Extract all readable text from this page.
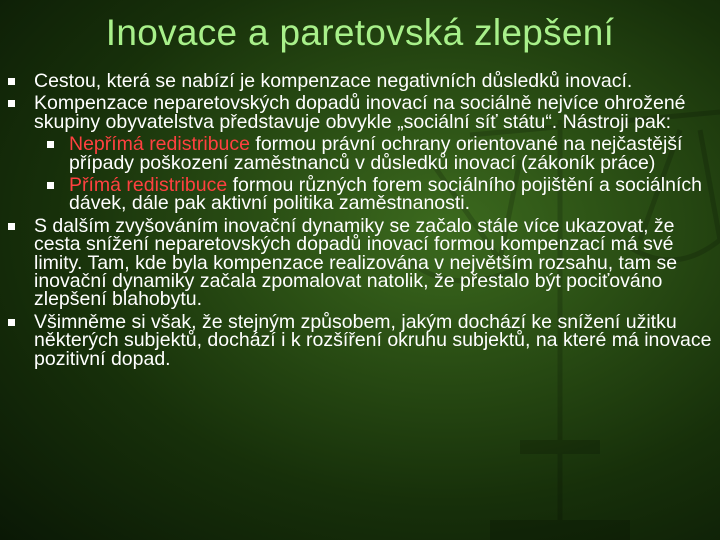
Inovace a paretovská zlepšení
Cestou, která se nabízí je kompenzace negativních důsledků inovací.
Kompenzace neparetovských dopadů inovací na sociálně nejvíce ohrožené skupiny obyvatelstva představuje obvykle „sociální síť státu“. Nástroji pak:
Nepřímá redistribuce formou právní ochrany orientované na nejčastější případy poškození zaměstnanců v důsledků inovací (zákoník práce)
Přímá redistribuce formou různých forem sociálního pojištění a sociálních dávek, dále pak aktivní politika zaměstnanosti.
S dalším zvyšováním inovační dynamiky se začalo stále více ukazovat, že cesta snížení neparetovských dopadů inovací formou kompenzací má své limity. Tam, kde byla kompenzace realizována v největším rozsahu, tam se inovační dynamiky začala zpomalovat natolik, že přestalo být pociťováno zlepšení blahobytu.
Všimněme si však, že stejným způsobem, jakým dochází ke snížení užitku některých subjektů, dochází i k rozšíření okruhu subjektů, na které má inovace pozitivní dopad.
